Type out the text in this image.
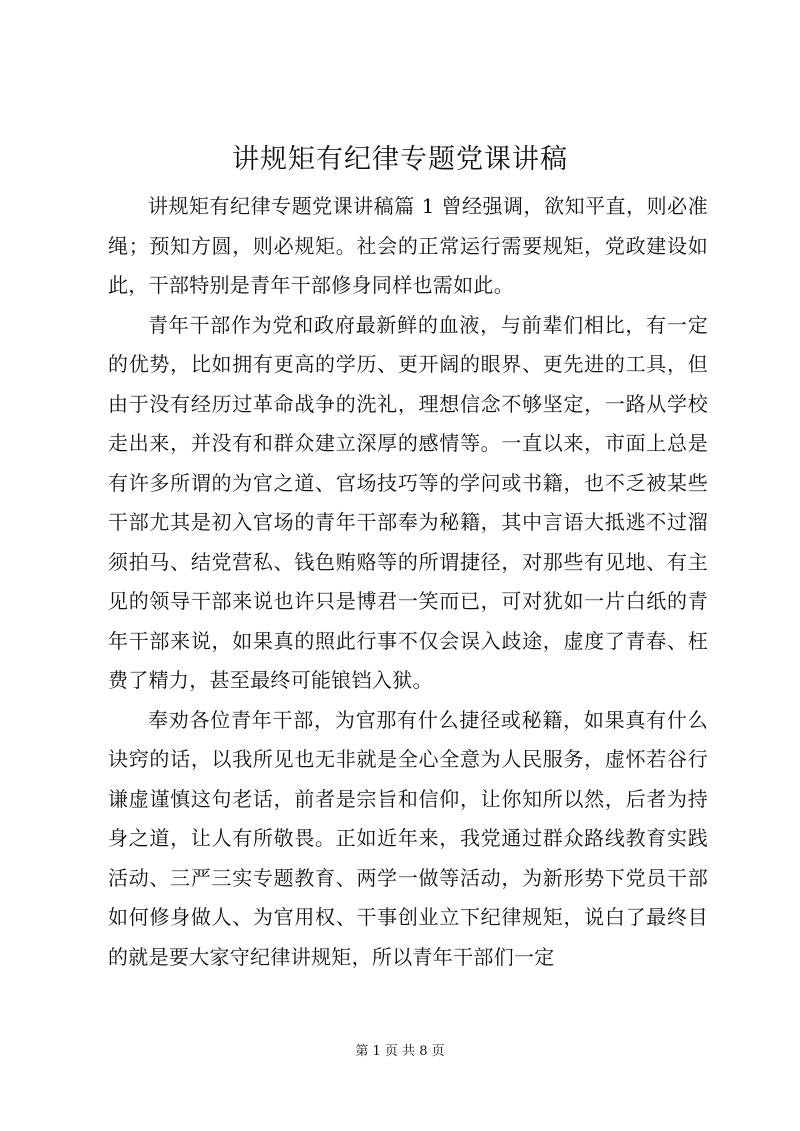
讲规矩有纪律专题党课讲稿

讲规矩有纪律专题党课讲稿篇 1 曾经强调，欲知平直，则必准绳；预知方圆，则必规矩。社会的正常运行需要规矩，党政建设如此，干部特别是青年干部修身同样也需如此。

青年干部作为党和政府最新鲜的血液，与前辈们相比，有一定的优势，比如拥有更高的学历、更开阔的眼界、更先进的工具，但由于没有经历过革命战争的洗礼，理想信念不够坚定，一路从学校走出来，并没有和群众建立深厚的感情等。一直以来，市面上总是有许多所谓的为官之道、官场技巧等的学问或书籍，也不乏被某些干部尤其是初入官场的青年干部奉为秘籍，其中言语大抵逃不过溜须拍马、结党营私、钱色贿赂等的所谓捷径，对那些有见地、有主见的领导干部来说也许只是博君一笑而已，可对犹如一片白纸的青年干部来说，如果真的照此行事不仅会误入歧途，虚度了青春、枉费了精力，甚至最终可能锒铛入狱。

奉劝各位青年干部，为官那有什么捷径或秘籍，如果真有什么诀窍的话，以我所见也无非就是全心全意为人民服务，虚怀若谷行谦虚谨慎这句老话，前者是宗旨和信仰，让你知所以然，后者为持身之道，让人有所敬畏。正如近年来，我党通过群众路线教育实践活动、三严三实专题教育、两学一做等活动，为新形势下党员干部如何修身做人、为官用权、干事创业立下纪律规矩，说白了最终目的就是要大家守纪律讲规矩，所以青年干部们一定

第 1 页 共 8 页
